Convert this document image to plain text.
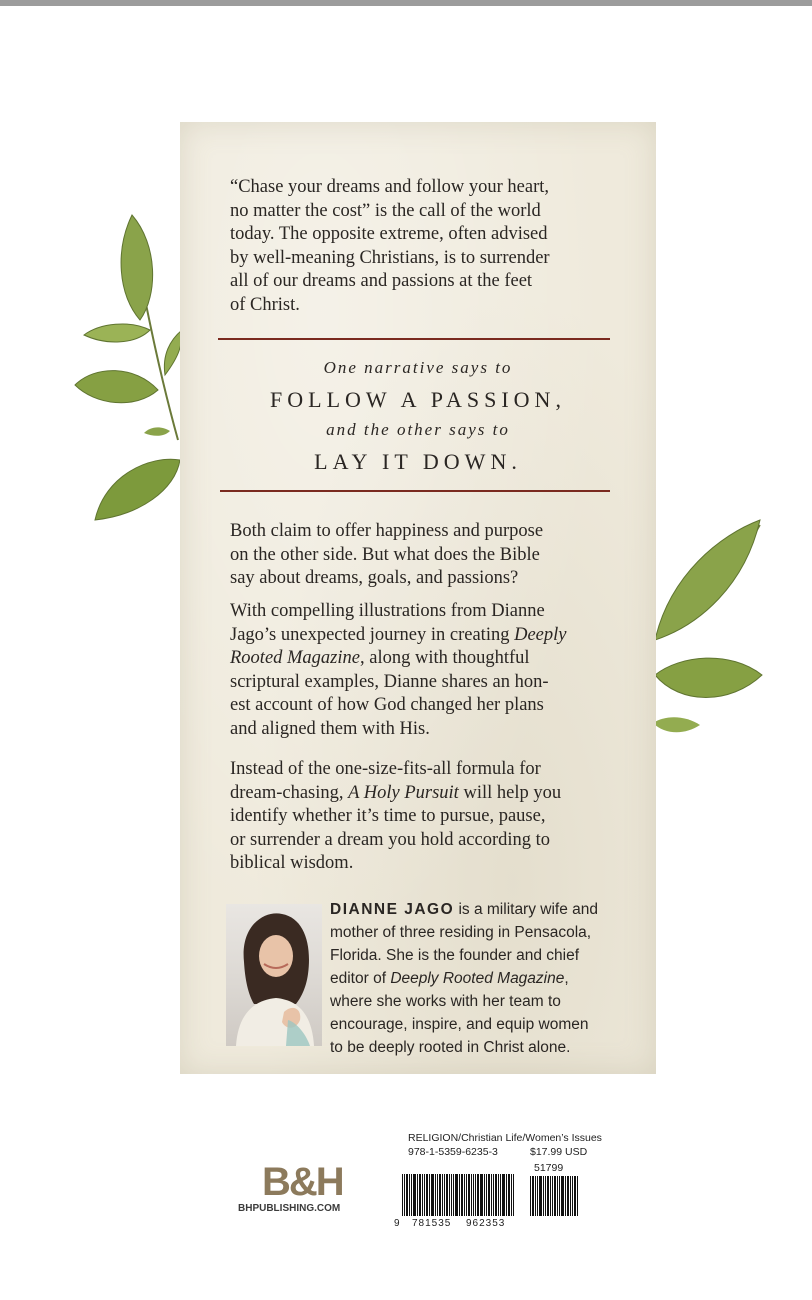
“Chase your dreams and follow your heart,
no matter the cost” is the call of the world
today. The opposite extreme, often advised
by well-meaning Christians, is to surrender
all of our dreams and passions at the feet
of Christ.
One narrative says to
FOLLOW A PASSION,
and the other says to
LAY IT DOWN.
Both claim to offer happiness and purpose
on the other side. But what does the Bible
say about dreams, goals, and passions?
With compelling illustrations from Dianne
Jago’s unexpected journey in creating Deeply
Rooted Magazine, along with thoughtful
scriptural examples, Dianne shares an hon-
est account of how God changed her plans
and aligned them with His.
Instead of the one-size-fits-all formula for
dream-chasing, A Holy Pursuit will help you
identify whether it’s time to pursue, pause,
or surrender a dream you hold according to
biblical wisdom.
DIANNE JAGO is a military wife and
mother of three residing in Pensacola,
Florida. She is the founder and chief
editor of Deeply Rooted Magazine,
where she works with her team to
encourage, inspire, and equip women
to be deeply rooted in Christ alone.
B&H
BHPUBLISHING.COM
RELIGION/Christian Life/Women’s Issues
978-1-5359-6235-3	$17.99 USD
51799
9 781535 962353
